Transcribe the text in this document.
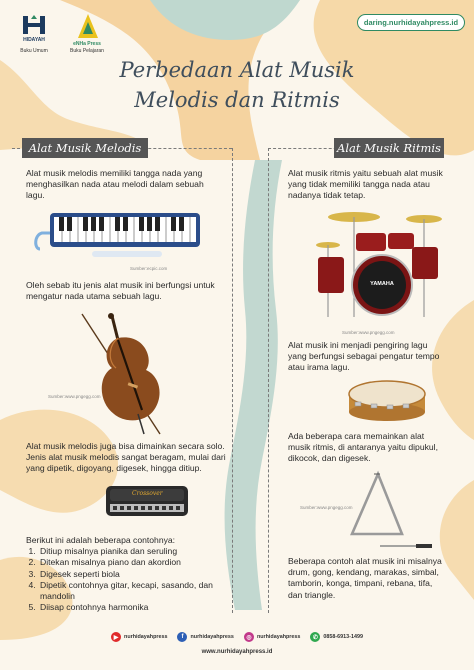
HIDAYAH
Buku Umum
eNHa Press
Buku Pelajaran
daring.nurhidayahpress.id
Perbedaan Alat Musik
Melodis dan Ritmis
Alat Musik Melodis	Alat Musik Ritmis
Alat musik melodis memiliki tangga nada yang menghasilkan nada atau melodi dalam sebuah lagu.
Sumber:ecpic.com
Oleh sebab itu jenis alat musik ini berfungsi untuk mengatur nada utama sebuah lagu.
Sumber:www.pngegg.com
Alat musik melodis juga bisa dimainkan secara solo. Jenis alat musik melodis sangat beragam, mulai dari yang dipetik, digoyang, digesek, hingga ditiup.
Crossover
Berikut ini adalah beberapa contohnya:
1. Ditiup misalnya pianika dan seruling
2. Ditekan misalnya piano dan akordion
3. Digesek seperti biola
4. Dipetik contohnya gitar, kecapi, sasando, dan mandolin
5. Diisap contohnya harmonika
Alat musik ritmis yaitu sebuah alat musik yang tidak memiliki tangga nada atau nadanya tidak tetap.
YAMAHA
Sumber:www.pngegg.com
Alat musik ini menjadi pengiring lagu yang berfungsi sebagai pengatur tempo atau irama lagu.
Ada beberapa cara memainkan alat musik ritmis, di antaranya yaitu dipukul, dikocok, dan digesek.
Sumber:www.pngegg.com
Beberapa contoh alat musik ini misalnya drum, gong, kendang, marakas, simbal, tamborin, konga, timpani, rebana, tifa, dan triangle.
▶	nurhidayahpress	f	nurhidayahpress	◎ nurhidayahpress	✆	0858-6913-1499
www.nurhidayahpress.id
